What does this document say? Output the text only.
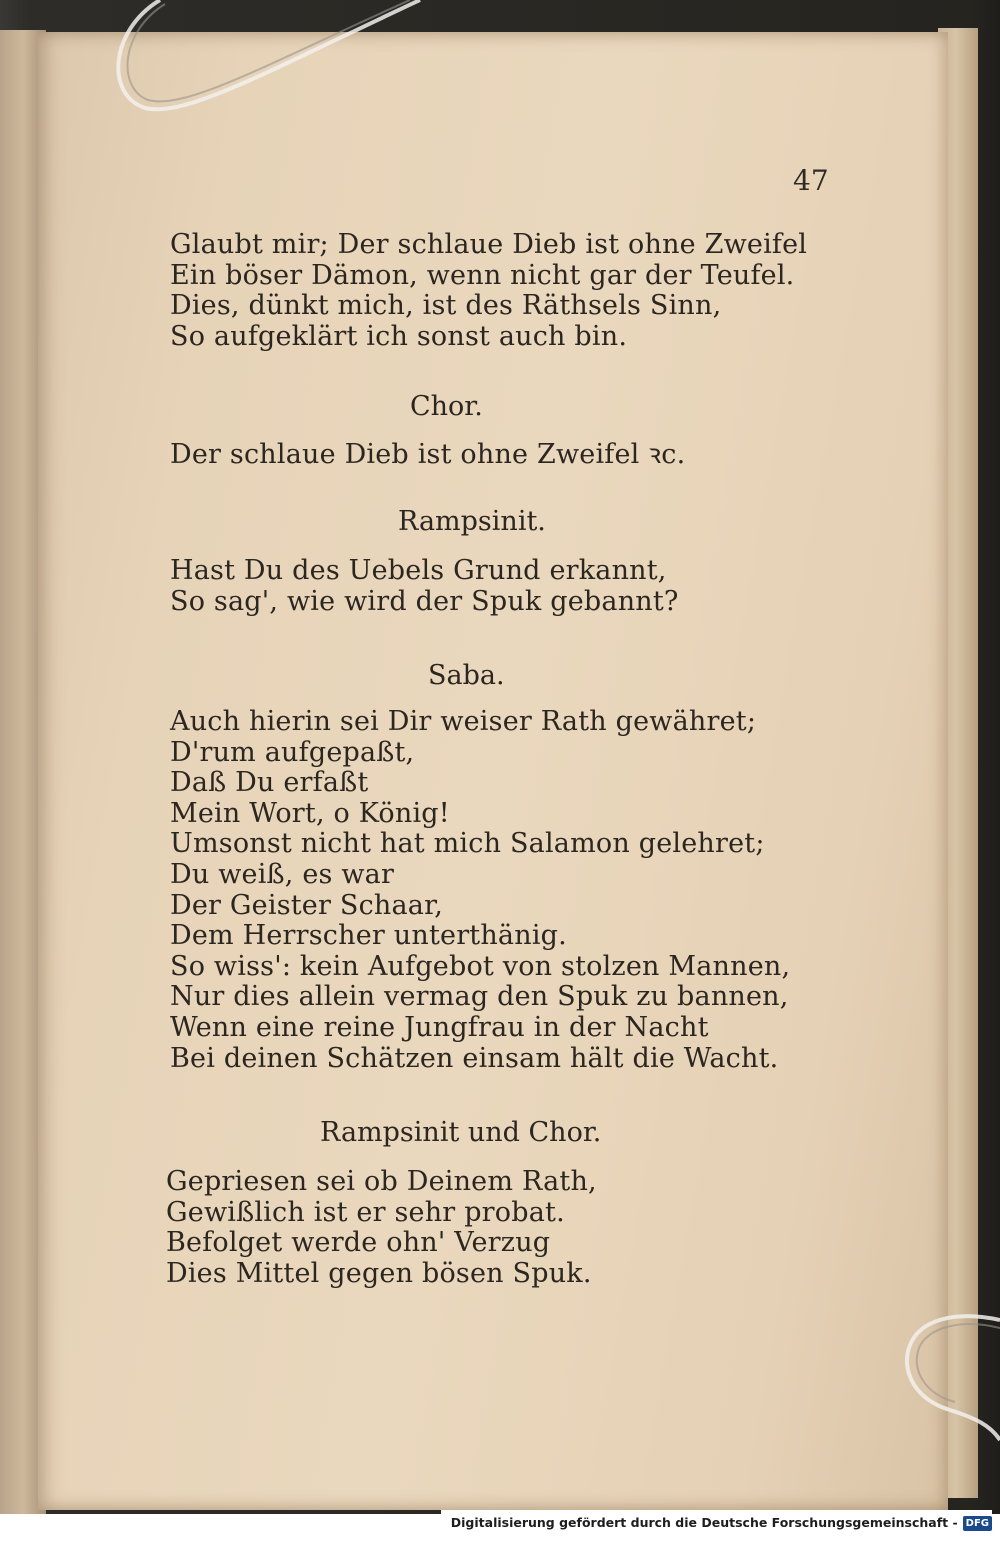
47
Glaubt mir; Der schlaue Dieb ist ohne Zweifel
Ein böser Dämon, wenn nicht gar der Teufel.
Dies, dünkt mich, ist des Räthsels Sinn,
So aufgeklärt ich sonst auch bin.
Chor.
Der schlaue Dieb ist ohne Zweifel ꝛc.
Rampsinit.
Hast Du des Uebels Grund erkannt,
So sag', wie wird der Spuk gebannt?
Saba.
Auch hierin sei Dir weiser Rath gewähret;
D'rum aufgepaßt,
Daß Du erfaßt
Mein Wort, o König!
Umsonst nicht hat mich Salamon gelehret;
Du weiß, es war
Der Geister Schaar,
Dem Herrscher unterthänig.
So wiss': kein Aufgebot von stolzen Mannen,
Nur dies allein vermag den Spuk zu bannen,
Wenn eine reine Jungfrau in der Nacht
Bei deinen Schätzen einsam hält die Wacht.
Rampsinit und Chor.
Gepriesen sei ob Deinem Rath,
Gewißlich ist er sehr probat.
Befolget werde ohn' Verzug
Dies Mittel gegen bösen Spuk.
Digitalisierung gefördert durch die Deutsche Forschungsgemeinschaft - DFG
